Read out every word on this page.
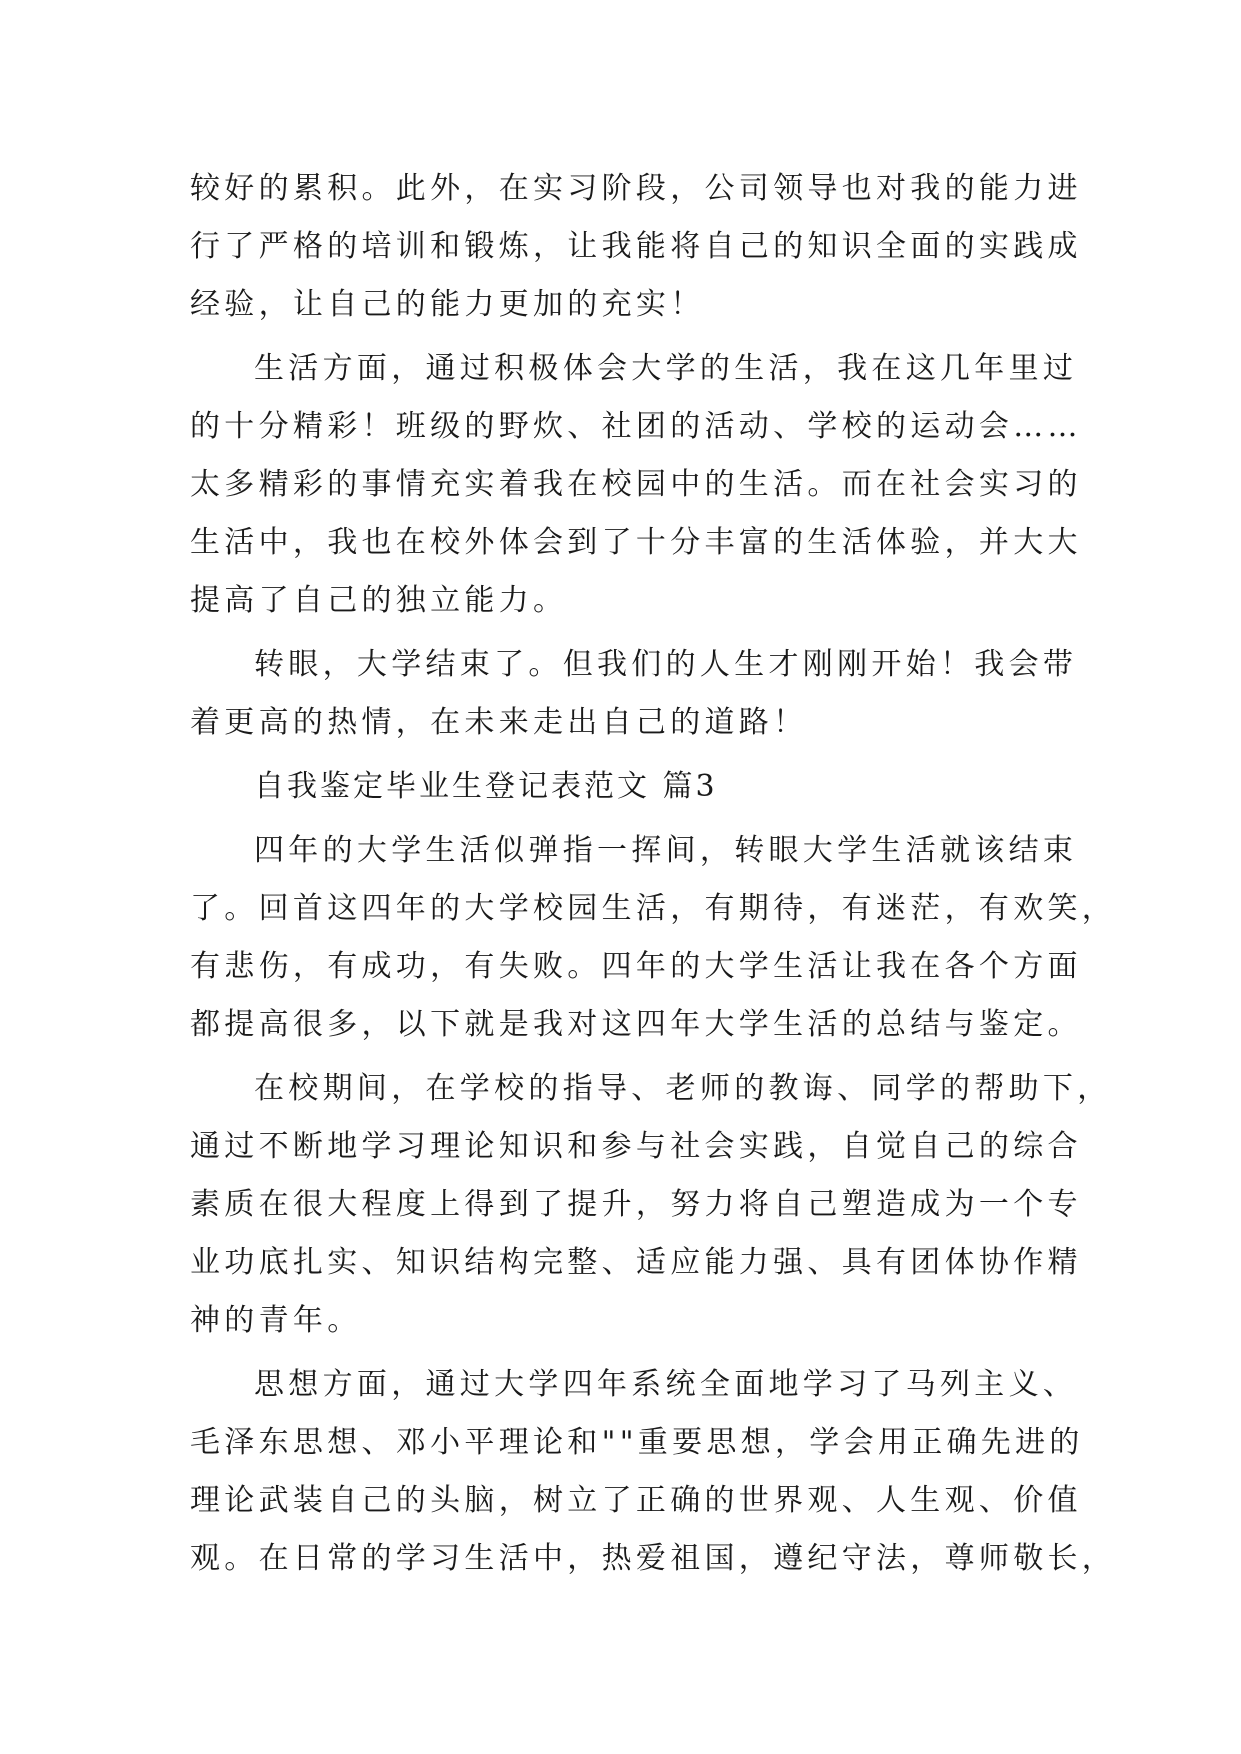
较好的累积。此外，在实习阶段，公司领导也对我的能力进
行了严格的培训和锻炼，让我能将自己的知识全面的实践成
经验，让自己的能力更加的充实！
生活方面，通过积极体会大学的生活，我在这几年里过
的十分精彩！班级的野炊、社团的活动、学校的运动会……
太多精彩的事情充实着我在校园中的生活。而在社会实习的
生活中，我也在校外体会到了十分丰富的生活体验，并大大
提高了自己的独立能力。
转眼，大学结束了。但我们的人生才刚刚开始！我会带
着更高的热情，在未来走出自己的道路！
自我鉴定毕业生登记表范文 篇3
四年的大学生活似弹指一挥间，转眼大学生活就该结束
了。回首这四年的大学校园生活，有期待，有迷茫，有欢笑，
有悲伤，有成功，有失败。四年的大学生活让我在各个方面
都提高很多，以下就是我对这四年大学生活的总结与鉴定。
在校期间，在学校的指导、老师的教诲、同学的帮助下，
通过不断地学习理论知识和参与社会实践，自觉自己的综合
素质在很大程度上得到了提升，努力将自己塑造成为一个专
业功底扎实、知识结构完整、适应能力强、具有团体协作精
神的青年。
思想方面，通过大学四年系统全面地学习了马列主义、
毛泽东思想、邓小平理论和""重要思想，学会用正确先进的
理论武装自己的头脑，树立了正确的世界观、人生观、价值
观。在日常的学习生活中，热爱祖国，遵纪守法，尊师敬长，
